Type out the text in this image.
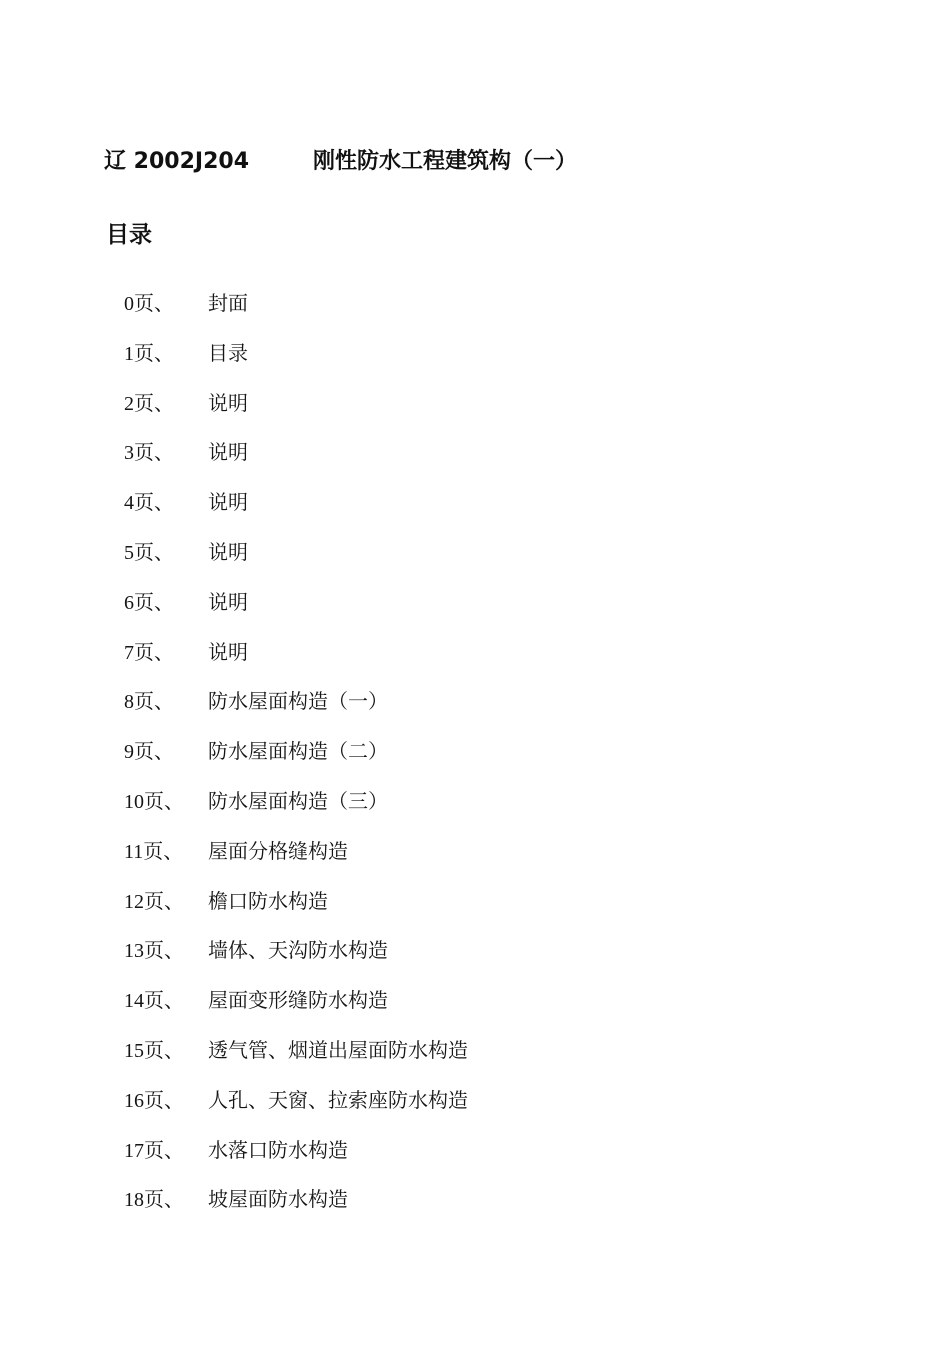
辽 2002J204	刚性防水工程建筑构（一）
目录
0页、 封面
1页、 目录
2页、 说明
3页、 说明
4页、 说明
5页、 说明
6页、 说明
7页、 说明
8页、 防水屋面构造（一）
9页、 防水屋面构造（二）
10页、 防水屋面构造（三）
11页、 屋面分格缝构造
12页、 檐口防水构造
13页、 墙体、天沟防水构造
14页、 屋面变形缝防水构造
15页、 透气管、烟道出屋面防水构造
16页、 人孔、天窗、拉索座防水构造
17页、 水落口防水构造
18页、 坡屋面防水构造
